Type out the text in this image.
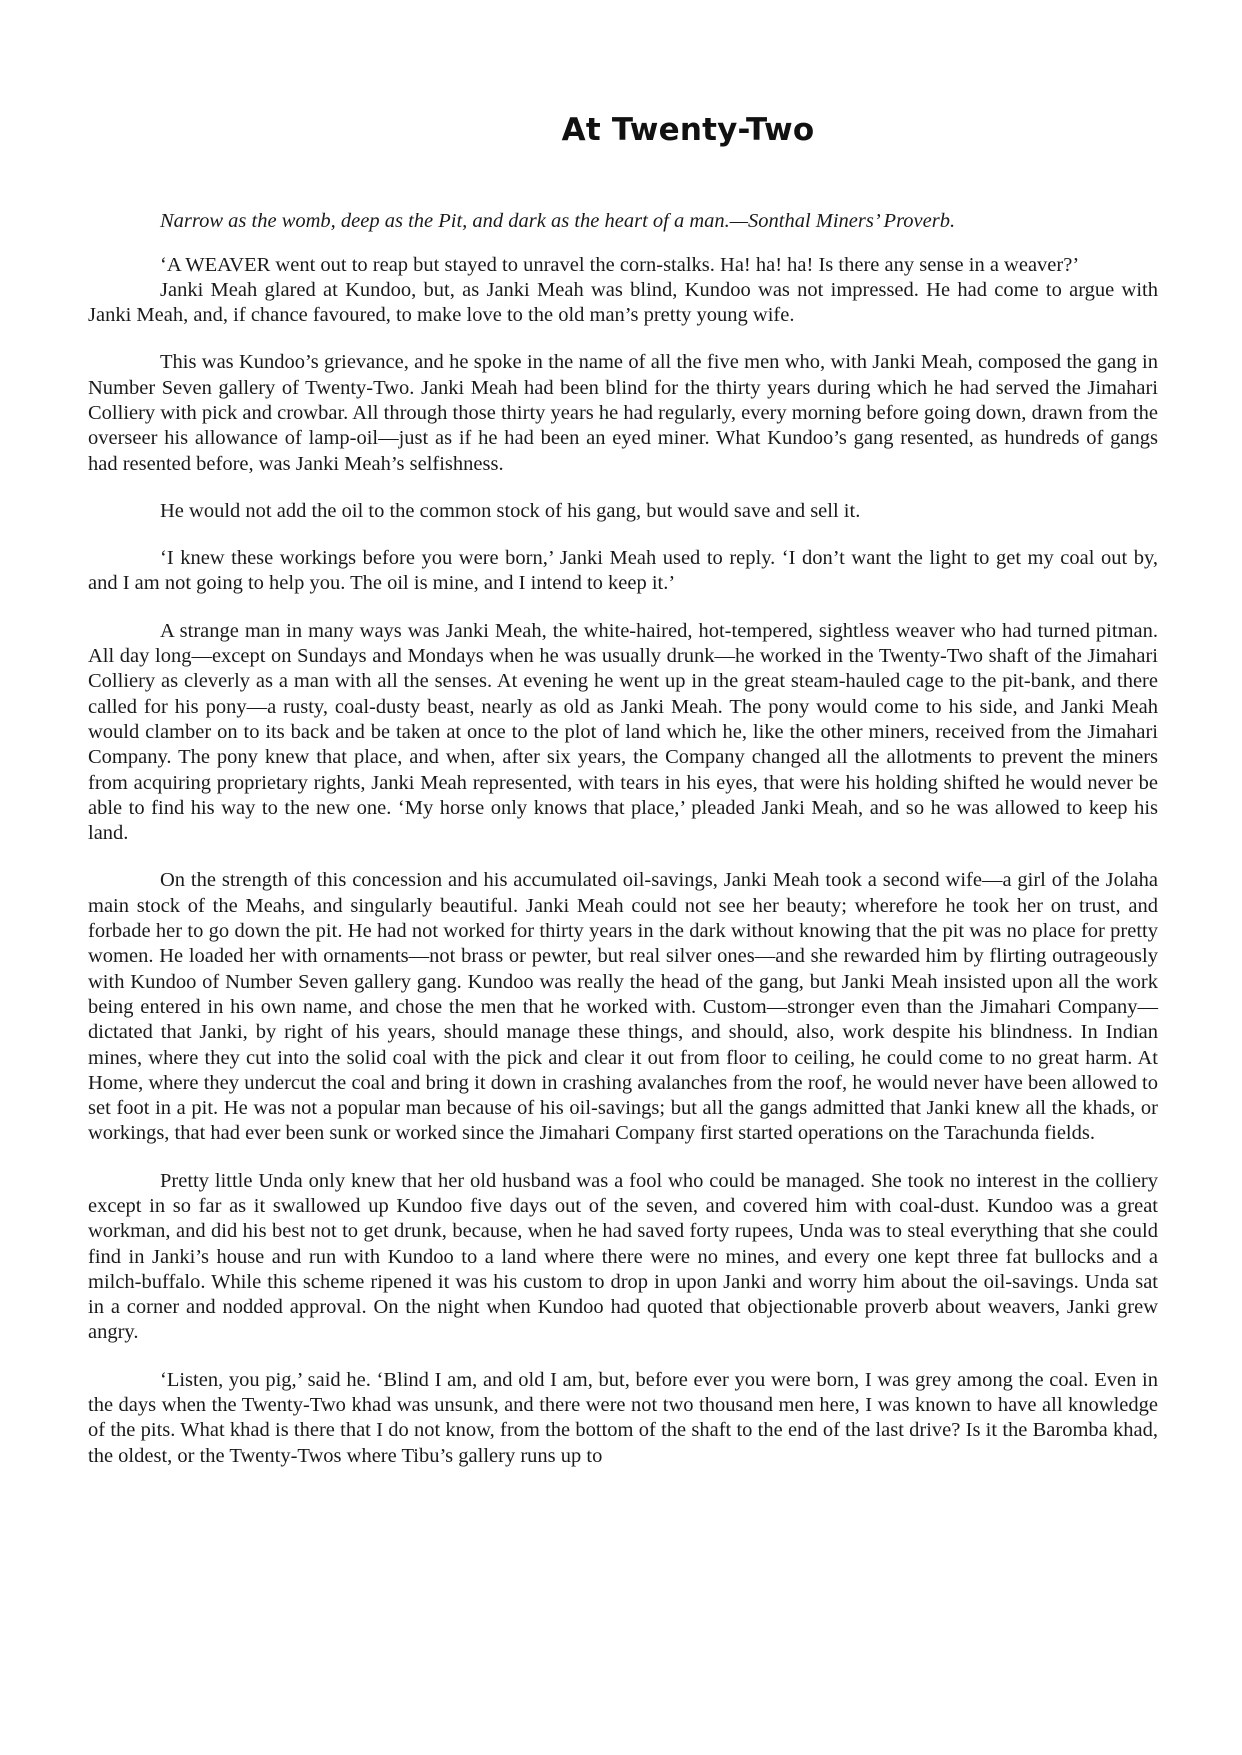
At Twenty-Two

Narrow as the womb, deep as the Pit, and dark as the heart of a man.—Sonthal Miners’ Proverb.

‘A WEAVER went out to reap but stayed to unravel the corn-stalks. Ha! ha! ha! Is there any sense in a weaver?’

Janki Meah glared at Kundoo, but, as Janki Meah was blind, Kundoo was not impressed. He had come to argue with Janki Meah, and, if chance favoured, to make love to the old man’s pretty young wife.

This was Kundoo’s grievance, and he spoke in the name of all the five men who, with Janki Meah, composed the gang in Number Seven gallery of Twenty-Two. Janki Meah had been blind for the thirty years during which he had served the Jimahari Colliery with pick and crowbar. All through those thirty years he had regularly, every morning before going down, drawn from the overseer his allowance of lamp-oil—just as if he had been an eyed miner. What Kundoo’s gang resented, as hundreds of gangs had resented before, was Janki Meah’s selfishness.

He would not add the oil to the common stock of his gang, but would save and sell it.

‘I knew these workings before you were born,’ Janki Meah used to reply. ‘I don’t want the light to get my coal out by, and I am not going to help you. The oil is mine, and I intend to keep it.’

A strange man in many ways was Janki Meah, the white-haired, hot-tempered, sightless weaver who had turned pitman. All day long—except on Sundays and Mondays when he was usually drunk—he worked in the Twenty-Two shaft of the Jimahari Colliery as cleverly as a man with all the senses. At evening he went up in the great steam-hauled cage to the pit-bank, and there called for his pony—a rusty, coal-dusty beast, nearly as old as Janki Meah. The pony would come to his side, and Janki Meah would clamber on to its back and be taken at once to the plot of land which he, like the other miners, received from the Jimahari Company. The pony knew that place, and when, after six years, the Company changed all the allotments to prevent the miners from acquiring proprietary rights, Janki Meah represented, with tears in his eyes, that were his holding shifted he would never be able to find his way to the new one. ‘My horse only knows that place,’ pleaded Janki Meah, and so he was allowed to keep his land.

On the strength of this concession and his accumulated oil-savings, Janki Meah took a second wife—a girl of the Jolaha main stock of the Meahs, and singularly beautiful. Janki Meah could not see her beauty; wherefore he took her on trust, and forbade her to go down the pit. He had not worked for thirty years in the dark without knowing that the pit was no place for pretty women. He loaded her with ornaments—not brass or pewter, but real silver ones—and she rewarded him by flirting outrageously with Kundoo of Number Seven gallery gang. Kundoo was really the head of the gang, but Janki Meah insisted upon all the work being entered in his own name, and chose the men that he worked with. Custom—stronger even than the Jimahari Company—dictated that Janki, by right of his years, should manage these things, and should, also, work despite his blindness. In Indian mines, where they cut into the solid coal with the pick and clear it out from floor to ceiling, he could come to no great harm. At Home, where they undercut the coal and bring it down in crashing avalanches from the roof, he would never have been allowed to set foot in a pit. He was not a popular man because of his oil-savings; but all the gangs admitted that Janki knew all the khads, or workings, that had ever been sunk or worked since the Jimahari Company first started operations on the Tarachunda fields.

Pretty little Unda only knew that her old husband was a fool who could be managed. She took no interest in the colliery except in so far as it swallowed up Kundoo five days out of the seven, and covered him with coal-dust. Kundoo was a great workman, and did his best not to get drunk, because, when he had saved forty rupees, Unda was to steal everything that she could find in Janki’s house and run with Kundoo to a land where there were no mines, and every one kept three fat bullocks and a milch-buffalo. While this scheme ripened it was his custom to drop in upon Janki and worry him about the oil-savings. Unda sat in a corner and nodded approval. On the night when Kundoo had quoted that objectionable proverb about weavers, Janki grew angry.

‘Listen, you pig,’ said he. ‘Blind I am, and old I am, but, before ever you were born, I was grey among the coal. Even in the days when the Twenty-Two khad was unsunk, and there were not two thousand men here, I was known to have all knowledge of the pits. What khad is there that I do not know, from the bottom of the shaft to the end of the last drive? Is it the Baromba khad, the oldest, or the Twenty-Twos where Tibu’s gallery runs up to
